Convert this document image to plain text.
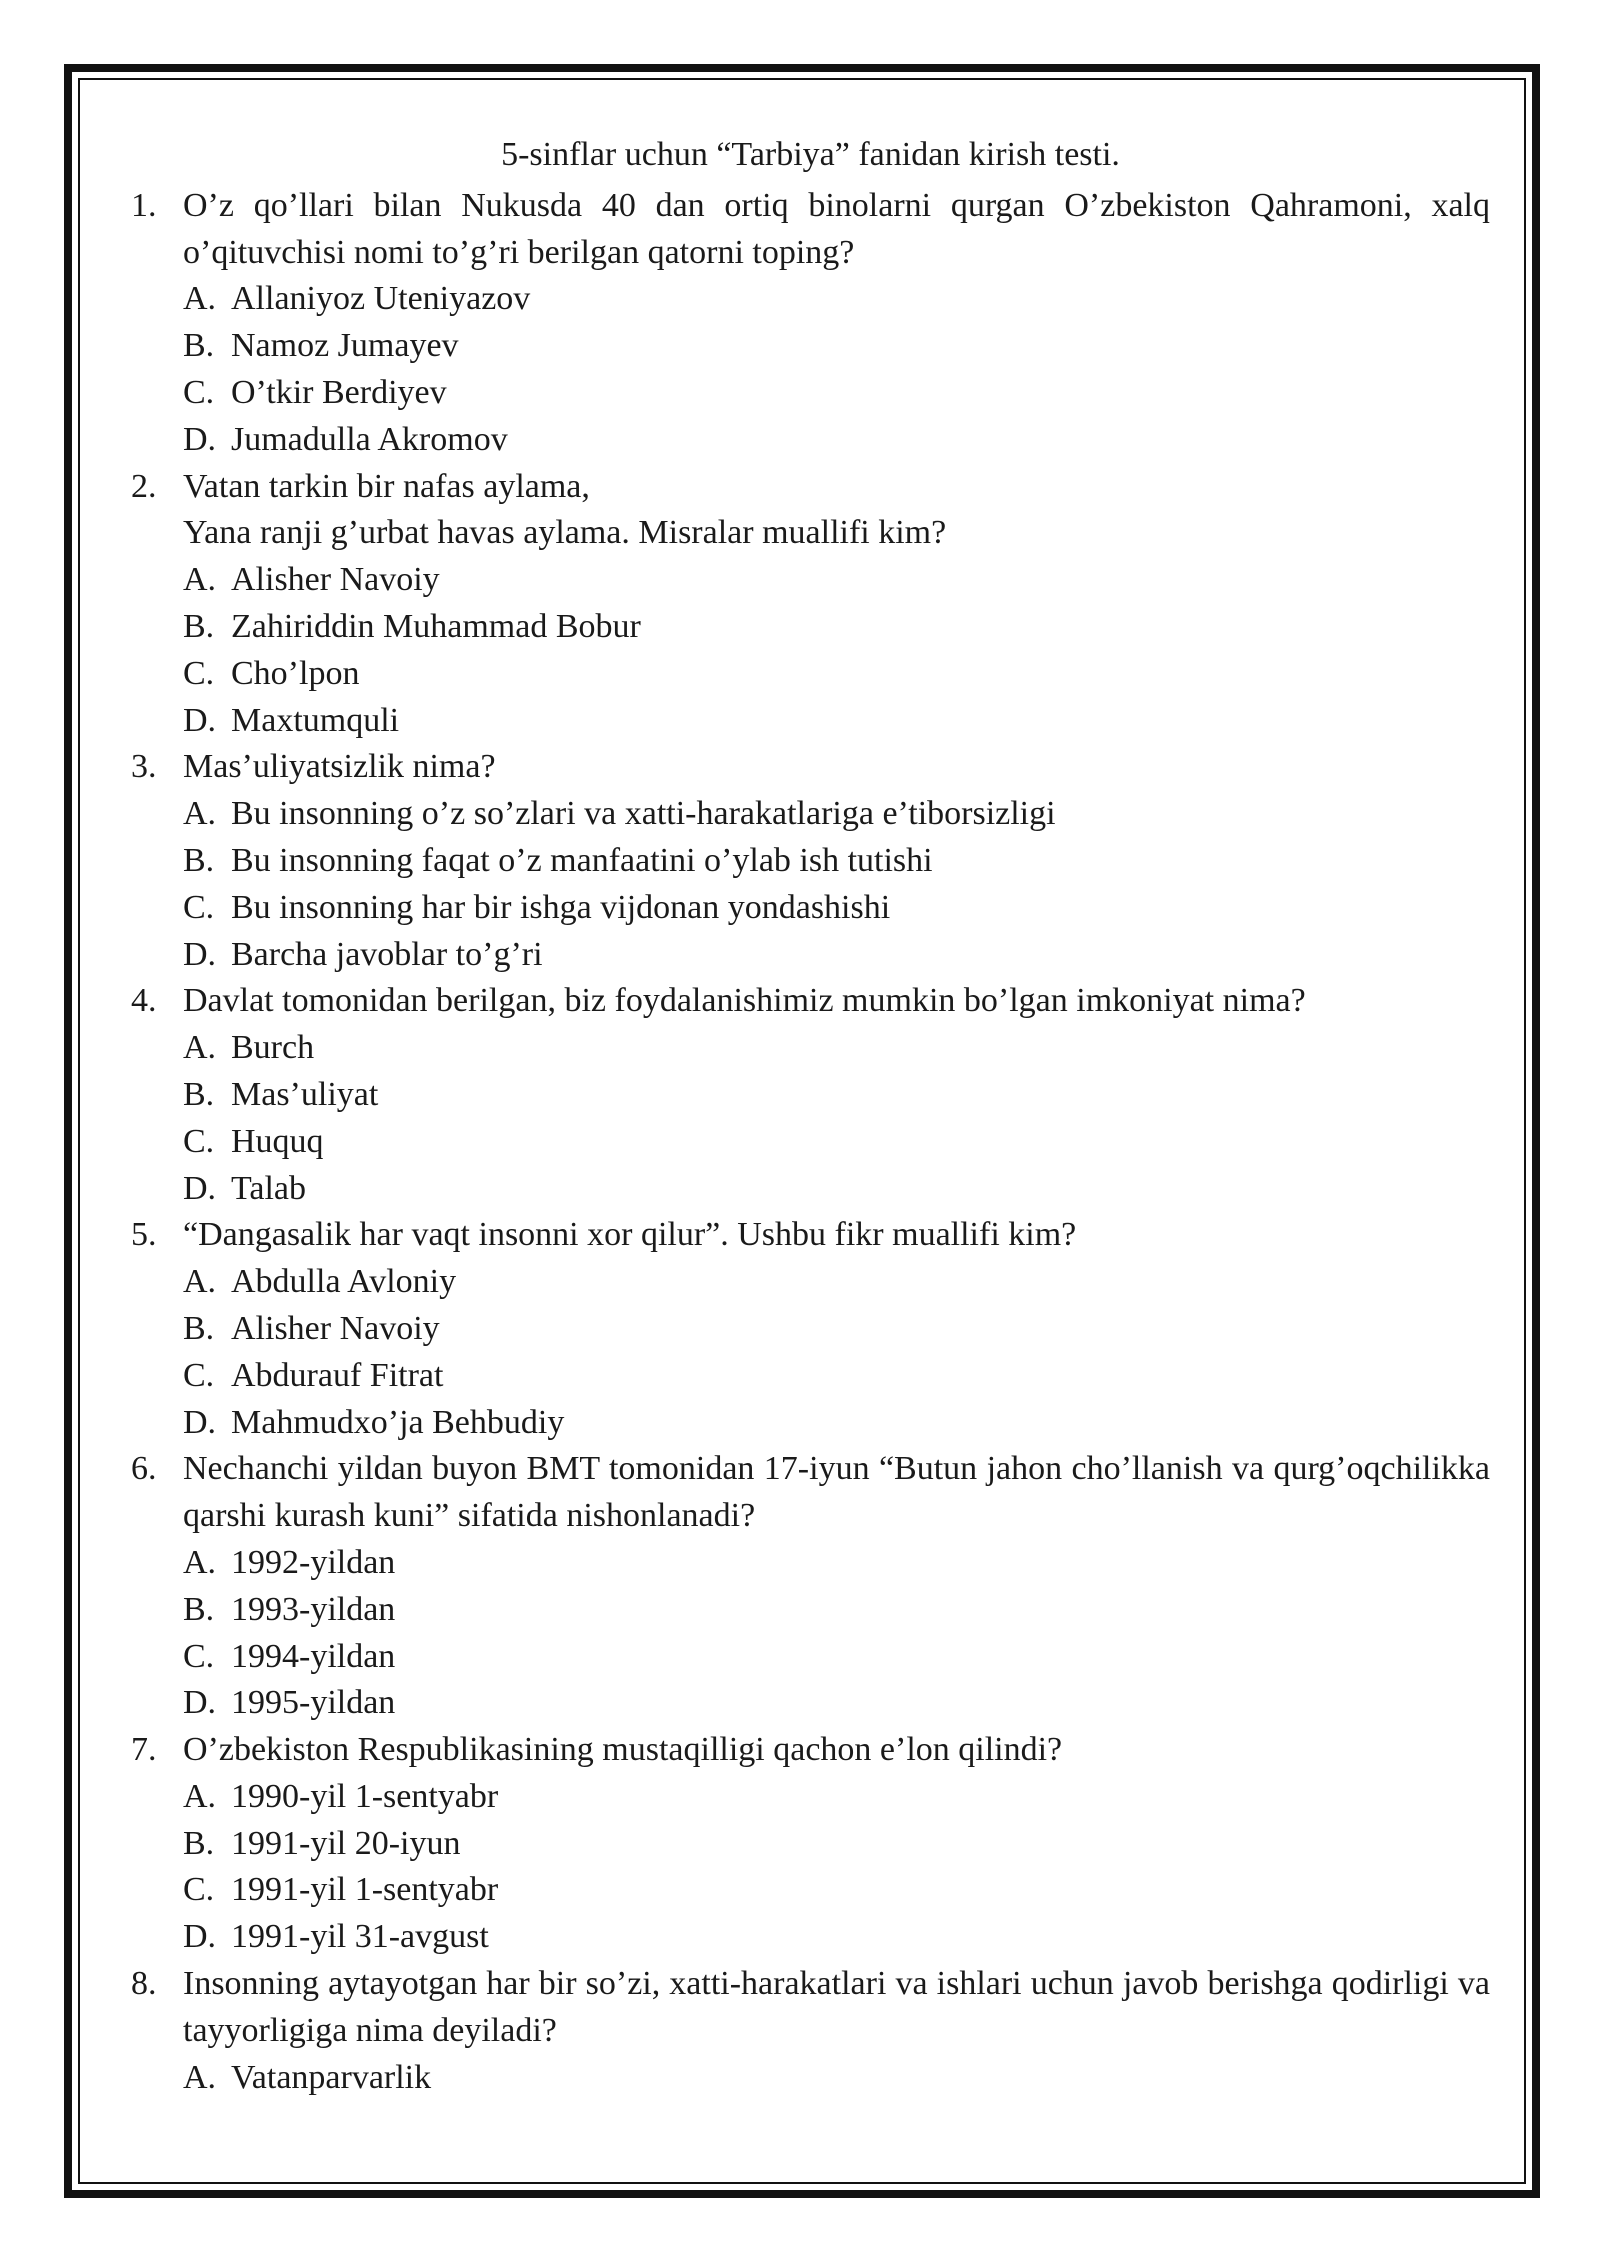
5-sinflar uchun “Tarbiya” fanidan kirish testi.
1. O’z qo’llari bilan Nukusda 40 dan ortiq binolarni qurgan O’zbekiston Qahramoni, xalq o’qituvchisi nomi to’g’ri berilgan qatorni toping?
A. Allaniyoz Uteniyazov
B. Namoz Jumayev
C. O’tkir Berdiyev
D. Jumadulla Akromov
2. Vatan tarkin bir nafas aylama,
Yana ranji g’urbat havas aylama. Misralar muallifi kim?
A. Alisher Navoiy
B. Zahiriddin Muhammad Bobur
C. Cho’lpon
D. Maxtumquli
3. Mas’uliyatsizlik nima?
A. Bu insonning o’z so’zlari va xatti-harakatlariga e’tiborsizligi
B. Bu insonning faqat o’z manfaatini o’ylab ish tutishi
C. Bu insonning har bir ishga vijdonan yondashishi
D. Barcha javoblar to’g’ri
4. Davlat tomonidan berilgan, biz foydalanishimiz mumkin bo’lgan imkoniyat nima?
A. Burch
B. Mas’uliyat
C. Huquq
D. Talab
5. “Dangasalik har vaqt insonni xor qilur”. Ushbu fikr muallifi kim?
A. Abdulla Avloniy
B. Alisher Navoiy
C. Abdurauf Fitrat
D. Mahmudxo’ja Behbudiy
6. Nechanchi yildan buyon BMT tomonidan 17-iyun “Butun jahon cho’llanish va qurg’oqchilikka qarshi kurash kuni” sifatida nishonlanadi?
A. 1992-yildan
B. 1993-yildan
C. 1994-yildan
D. 1995-yildan
7. O’zbekiston Respublikasining mustaqilligi qachon e’lon qilindi?
A. 1990-yil 1-sentyabr
B. 1991-yil 20-iyun
C. 1991-yil 1-sentyabr
D. 1991-yil 31-avgust
8. Insonning aytayotgan har bir so’zi, xatti-harakatlari va ishlari uchun javob berishga qodirligi va tayyorligiga nima deyiladi?
A. Vatanparvarlik
